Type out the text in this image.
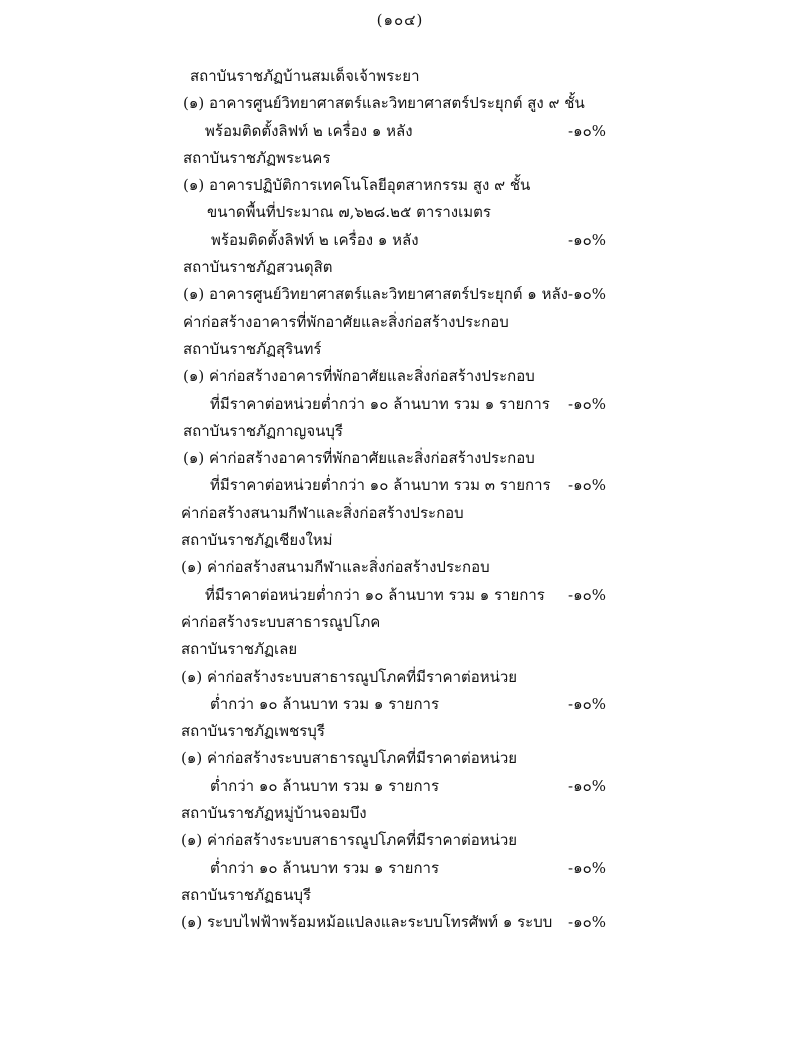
(๑๐๔)
สถาบันราชภัฏบ้านสมเด็จเจ้าพระยา
(๑) อาคารศูนย์วิทยาศาสตร์และวิทยาศาสตร์ประยุกต์ สูง ๙ ชั้น
พร้อมติดตั้งลิฟท์ ๒ เครื่อง ๑ หลัง	-๑๐%
สถาบันราชภัฏพระนคร
(๑) อาคารปฏิบัติการเทคโนโลยีอุตสาหกรรม สูง ๙ ชั้น
ขนาดพื้นที่ประมาณ ๗,๖๒๘.๒๕ ตารางเมตร
พร้อมติดตั้งลิฟท์ ๒ เครื่อง ๑ หลัง	-๑๐%
สถาบันราชภัฏสวนดุสิต
(๑) อาคารศูนย์วิทยาศาสตร์และวิทยาศาสตร์ประยุกต์ ๑ หลัง -๑๐%
ค่าก่อสร้างอาคารที่พักอาศัยและสิ่งก่อสร้างประกอบ
สถาบันราชภัฏสุรินทร์
(๑) ค่าก่อสร้างอาคารที่พักอาศัยและสิ่งก่อสร้างประกอบ
ที่มีราคาต่อหน่วยต่ำกว่า ๑๐ ล้านบาท รวม ๑ รายการ -๑๐%
สถาบันราชภัฏกาญจนบุรี
(๑) ค่าก่อสร้างอาคารที่พักอาศัยและสิ่งก่อสร้างประกอบ
ที่มีราคาต่อหน่วยต่ำกว่า ๑๐ ล้านบาท รวม ๓ รายการ -๑๐%
ค่าก่อสร้างสนามกีฬาและสิ่งก่อสร้างประกอบ
สถาบันราชภัฏเชียงใหม่
(๑) ค่าก่อสร้างสนามกีฬาและสิ่งก่อสร้างประกอบ
ที่มีราคาต่อหน่วยต่ำกว่า ๑๐ ล้านบาท รวม ๑ รายการ -๑๐%
ค่าก่อสร้างระบบสาธารณูปโภค
สถาบันราชภัฏเลย
(๑) ค่าก่อสร้างระบบสาธารณูปโภคที่มีราคาต่อหน่วย
ต่ำกว่า ๑๐ ล้านบาท รวม ๑ รายการ	-๑๐%
สถาบันราชภัฏเพชรบุรี
(๑) ค่าก่อสร้างระบบสาธารณูปโภคที่มีราคาต่อหน่วย
ต่ำกว่า ๑๐ ล้านบาท รวม ๑ รายการ	-๑๐%
สถาบันราชภัฏหมู่บ้านจอมบึง
(๑) ค่าก่อสร้างระบบสาธารณูปโภคที่มีราคาต่อหน่วย
ต่ำกว่า ๑๐ ล้านบาท รวม ๑ รายการ	-๑๐%
สถาบันราชภัฏธนบุรี
(๑) ระบบไฟฟ้าพร้อมหม้อแปลงและระบบโทรศัพท์ ๑ ระบบ -๑๐%
